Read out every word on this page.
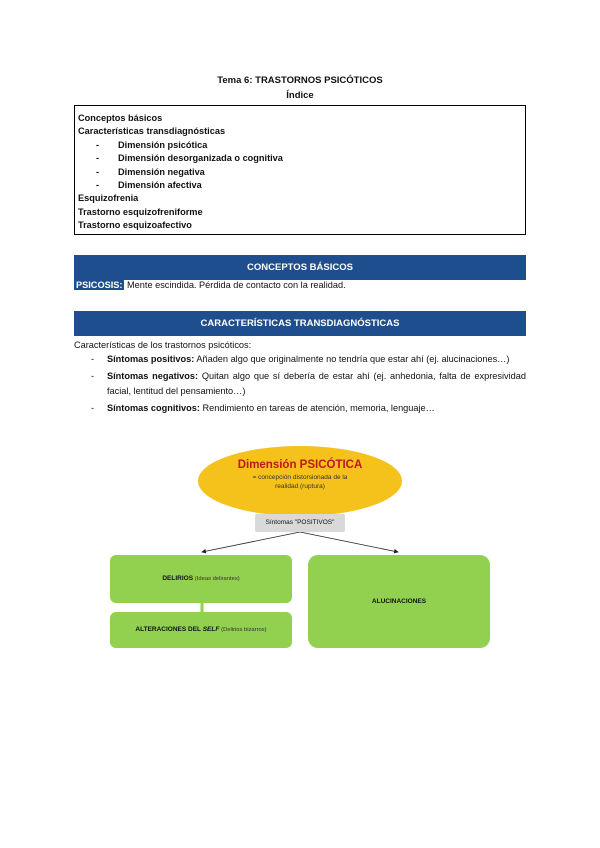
Tema 6: TRASTORNOS PSICÓTICOS
Índice
Conceptos básicos
Características transdiagnósticas
- Dimensión psicótica
- Dimensión desorganizada o cognitiva
- Dimensión negativa
- Dimensión afectiva
Esquizofrenia
Trastorno esquizofreniforme
Trastorno esquizoafectivo
CONCEPTOS BÁSICOS
PSICOSIS: Mente escindida. Pérdida de contacto con la realidad.
CARACTERÍSTICAS TRANSDIAGNÓSTICAS
Características de los trastornos psicóticos:
- Síntomas positivos: Añaden algo que originalmente no tendría que estar ahí (ej. alucinaciones…)
- Síntomas negativos: Quitan algo que sí debería de estar ahí (ej. anhedonia, falta de expresividad facial, lentitud del pensamiento…)
- Síntomas cognitivos: Rendimiento en tareas de atención, memoria, lenguaje…
Dimensión PSICÓTICA
= concepción distorsionada de la
realidad (ruptura)
Síntomas "POSITIVOS"
DELIRIOS (Ideas delirantes)
ALTERACIONES DEL SELF (Delirios bizarros)
ALUCINACIONES
